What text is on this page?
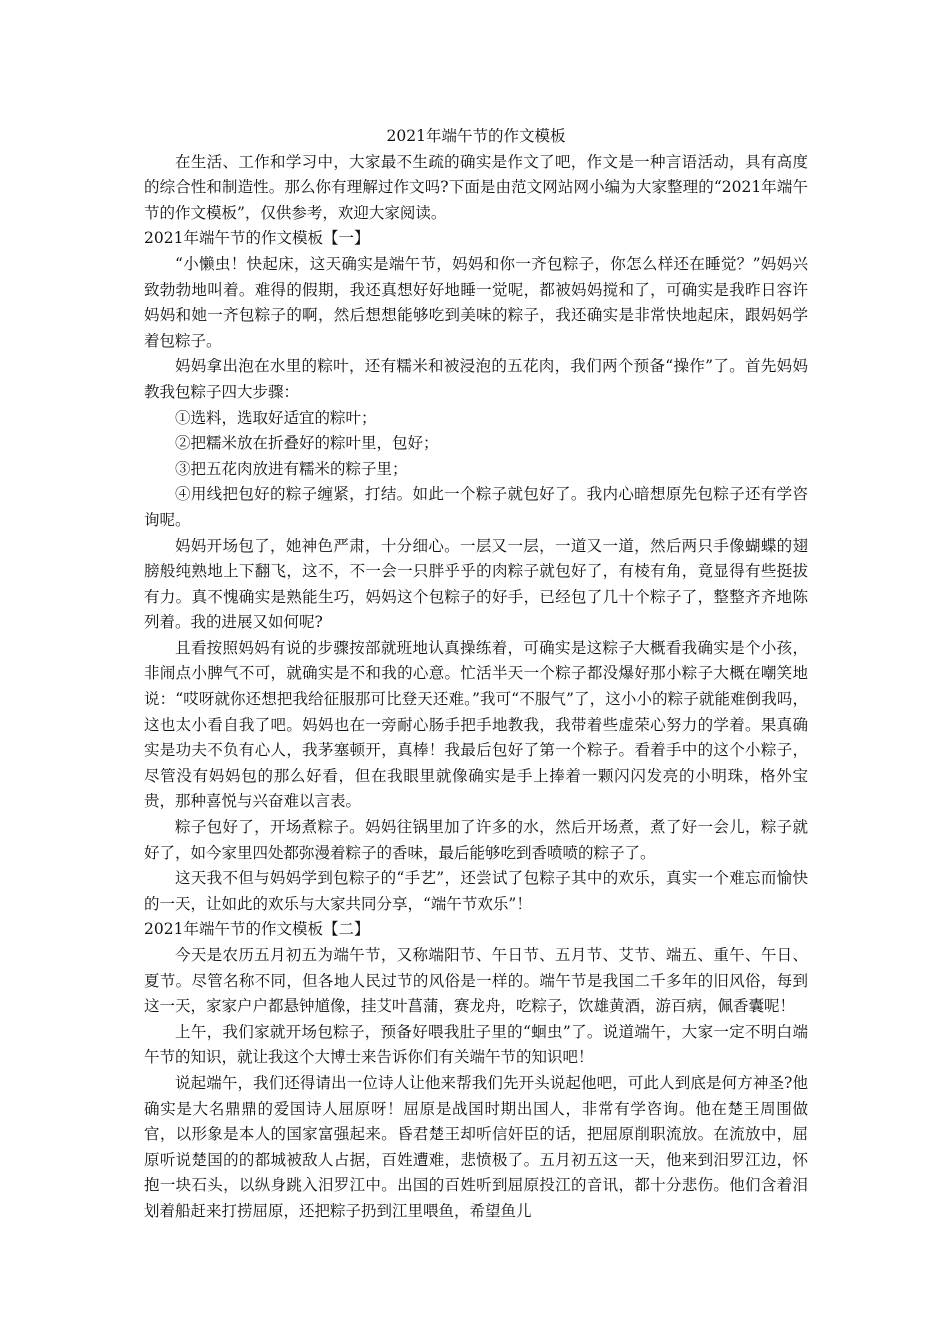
2021年端午节的作文模板

在生活、工作和学习中，大家最不生疏的确实是作文了吧，作文是一种言语活动，具有高度的综合性和制造性。那么你有理解过作文吗?下面是由范文网站网小编为大家整理的“2021年端午节的作文模板”，仅供参考，欢迎大家阅读。

2021年端午节的作文模板【一】

“小懒虫！快起床，这天确实是端午节，妈妈和你一齐包粽子，你怎么样还在睡觉？”妈妈兴致勃勃地叫着。难得的假期，我还真想好好地睡一觉呢，都被妈妈搅和了，可确实是我昨日容许妈妈和她一齐包粽子的啊，然后想想能够吃到美味的粽子，我还确实是非常快地起床，跟妈妈学着包粽子。

妈妈拿出泡在水里的粽叶，还有糯米和被浸泡的五花肉，我们两个预备“操作”了。首先妈妈教我包粽子四大步骤：

①选料，选取好适宜的粽叶；

②把糯米放在折叠好的粽叶里，包好；

③把五花肉放进有糯米的粽子里；

④用线把包好的粽子缠紧，打结。如此一个粽子就包好了。我内心暗想原先包粽子还有学咨询呢。

妈妈开场包了，她神色严肃，十分细心。一层又一层，一道又一道，然后两只手像蝴蝶的翅膀般纯熟地上下翻飞，这不，不一会一只胖乎乎的肉粽子就包好了，有棱有角，竟显得有些挺拔有力。真不愧确实是熟能生巧，妈妈这个包粽子的好手，已经包了几十个粽子了，整整齐齐地陈列着。我的进展又如何呢?

且看按照妈妈有说的步骤按部就班地认真操练着，可确实是这粽子大概看我确实是个小孩，非闹点小脾气不可，就确实是不和我的心意。忙活半天一个粽子都没爆好那小粽子大概在嘲笑地说：“哎呀就你还想把我给征服那可比登天还难。”我可“不服气”了，这小小的粽子就能难倒我吗，这也太小看自我了吧。妈妈也在一旁耐心肠手把手地教我，我带着些虚荣心努力的学着。果真确实是功夫不负有心人，我茅塞顿开，真棒！我最后包好了第一个粽子。看着手中的这个小粽子，尽管没有妈妈包的那么好看，但在我眼里就像确实是手上捧着一颗闪闪发亮的小明珠，格外宝贵，那种喜悦与兴奋难以言表。

粽子包好了，开场煮粽子。妈妈往锅里加了许多的水，然后开场煮，煮了好一会儿，粽子就好了，如今家里四处都弥漫着粽子的香味，最后能够吃到香喷喷的粽子了。

这天我不但与妈妈学到包粽子的“手艺”，还尝试了包粽子其中的欢乐，真实一个难忘而愉快的一天，让如此的欢乐与大家共同分享，“端午节欢乐”！

2021年端午节的作文模板【二】

今天是农历五月初五为端午节，又称端阳节、午日节、五月节、艾节、端五、重午、午日、夏节。尽管名称不同，但各地人民过节的风俗是一样的。端午节是我国二千多年的旧风俗，每到这一天，家家户户都悬钟馗像，挂艾叶菖蒲，赛龙舟，吃粽子，饮雄黄酒，游百病，佩香囊呢！

上午，我们家就开场包粽子，预备好喂我肚子里的“蛔虫”了。说道端午，大家一定不明白端午节的知识，就让我这个大博士来告诉你们有关端午节的知识吧！

说起端午，我们还得请出一位诗人让他来帮我们先开头说起他吧，可此人到底是何方神圣?他确实是大名鼎鼎的爱国诗人屈原呀！屈原是战国时期出国人，非常有学咨询。他在楚王周围做官，以形象是本人的国家富强起来。昏君楚王却听信奸臣的话，把屈原削职流放。在流放中，屈原听说楚国的的都城被敌人占据，百姓遭难，悲愤极了。五月初五这一天，他来到汨罗江边，怀抱一块石头，以纵身跳入汨罗江中。出国的百姓听到屈原投江的音讯，都十分悲伤。他们含着泪划着船赶来打捞屈原，还把粽子扔到江里喂鱼，希望鱼儿
